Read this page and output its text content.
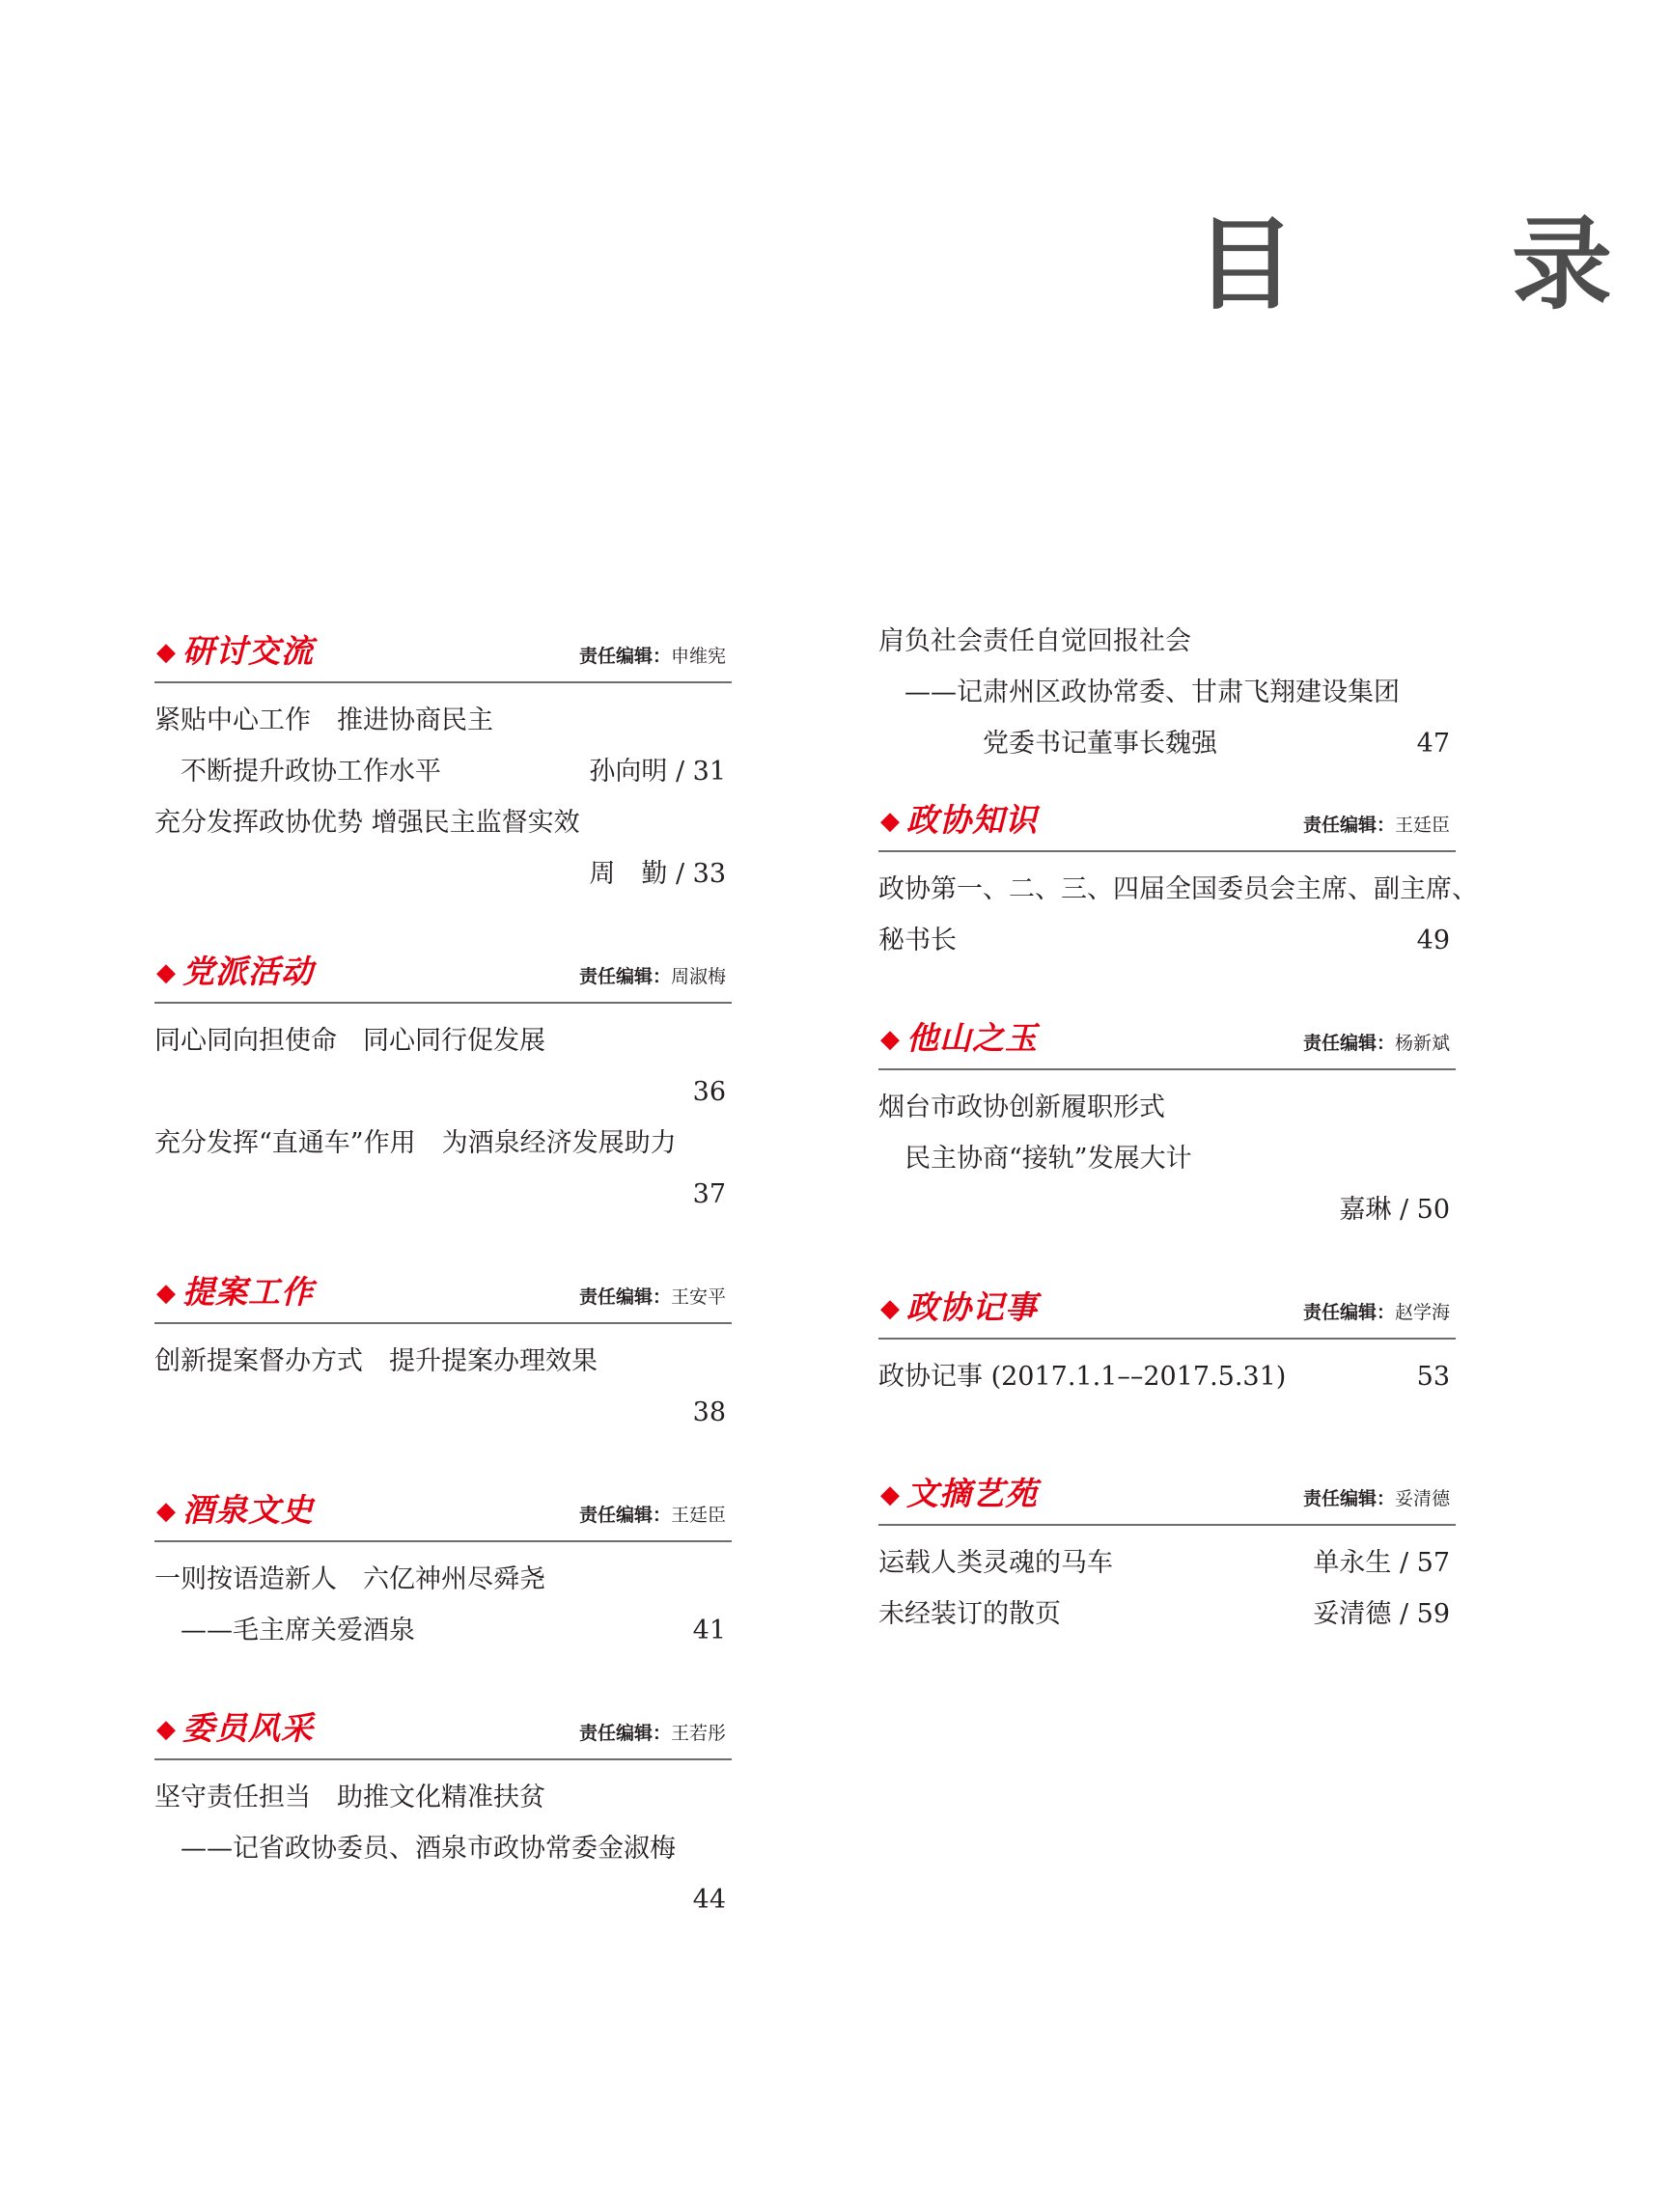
目　录
◆ 研讨交流	责任编辑：申维宪
紧贴中心工作　推进协商民主
不断提升政协工作水平	孙向明 / 31
充分发挥政协优势 增强民主监督实效
周　勤 / 33
◆ 党派活动	责任编辑：周淑梅
同心同向担使命　同心同行促发展
36
充分发挥“直通车”作用　为酒泉经济发展助力
37
◆ 提案工作	责任编辑：王安平
创新提案督办方式　提升提案办理效果
38
◆ 酒泉文史	责任编辑：王廷臣
一则按语造新人　六亿神州尽舜尧
——毛主席关爱酒泉	41
◆ 委员风采	责任编辑：王若彤
坚守责任担当　助推文化精准扶贫
——记省政协委员、酒泉市政协常委金淑梅
44
肩负社会责任自觉回报社会
——记肃州区政协常委、甘肃飞翔建设集团
党委书记董事长魏强	47
◆ 政协知识	责任编辑：王廷臣
政协第一、二、三、四届全国委员会主席、副主席、
秘书长	49
◆ 他山之玉	责任编辑：杨新斌
烟台市政协创新履职形式
民主协商“接轨”发展大计
嘉琳 / 50
◆ 政协记事	责任编辑：赵学海
政协记事 (2017.1.1––2017.5.31)	53
◆ 文摘艺苑	责任编辑：妥清德
运载人类灵魂的马车	单永生 / 57
未经装订的散页	妥清德 / 59
